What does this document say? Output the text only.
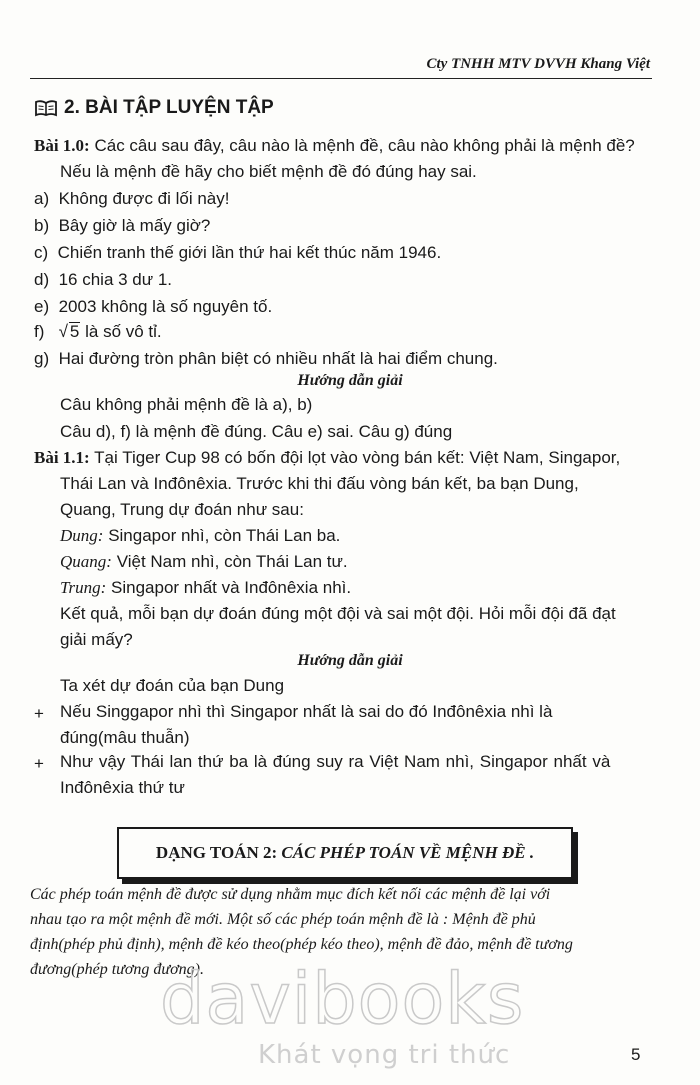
Cty TNHH MTV DVVH Khang Việt
2. BÀI TẬP LUYỆN TẬP
Bài 1.0: Các câu sau đây, câu nào là mệnh đề, câu nào không phải là mệnh đề?
Nếu là mệnh đề hãy cho biết mệnh đề đó đúng hay sai.
a) Không được đi lối này!
b) Bây giờ là mấy giờ?
c) Chiến tranh thế giới lần thứ hai kết thúc năm 1946.
d) 16 chia 3 dư 1.
e) 2003 không là số nguyên tố.
f) √ 5 là số vô tỉ.
g) Hai đường tròn phân biệt có nhiều nhất là hai điểm chung.
Hướng dẫn giải
Câu không phải mệnh đề là a), b)
Câu d), f) là mệnh đề đúng. Câu e) sai. Câu g) đúng
Bài 1.1: Tại Tiger Cup 98 có bốn đội lọt vào vòng bán kết: Việt Nam, Singapor,
Thái Lan và Inđônêxia. Trước khi thi đấu vòng bán kết, ba bạn Dung,
Quang, Trung dự đoán như sau:
Dung: Singapor nhì, còn Thái Lan ba.
Quang: Việt Nam nhì, còn Thái Lan tư.
Trung: Singapor nhất và Inđônêxia nhì.
Kết quả, mỗi bạn dự đoán đúng một đội và sai một đội. Hỏi mỗi đội đã đạt
giải mấy?
Hướng dẫn giải
Ta xét dự đoán của bạn Dung
+ Nếu Singgapor nhì thì Singapor nhất là sai do đó Inđônêxia nhì là
đúng(mâu thuẫn)
+ Như vậy Thái lan thứ ba là đúng suy ra Việt Nam nhì, Singapor nhất và
Inđônêxia thứ tư
DẠNG TOÁN 2:
CÁC PHÉP TOÁN VỀ MỆNH ĐỀ .
Các phép toán mệnh đề được sử dụng nhằm mục đích kết nối các mệnh đề lại với
nhau tạo ra một mệnh đề mới. Một số các phép toán mệnh đề là : Mệnh đề phủ
định(phép phủ định), mệnh đề kéo theo(phép kéo theo), mệnh đề đảo, mệnh đề tương
đương(phép tương đương).
davibooks
Khát vọng tri thức	5
